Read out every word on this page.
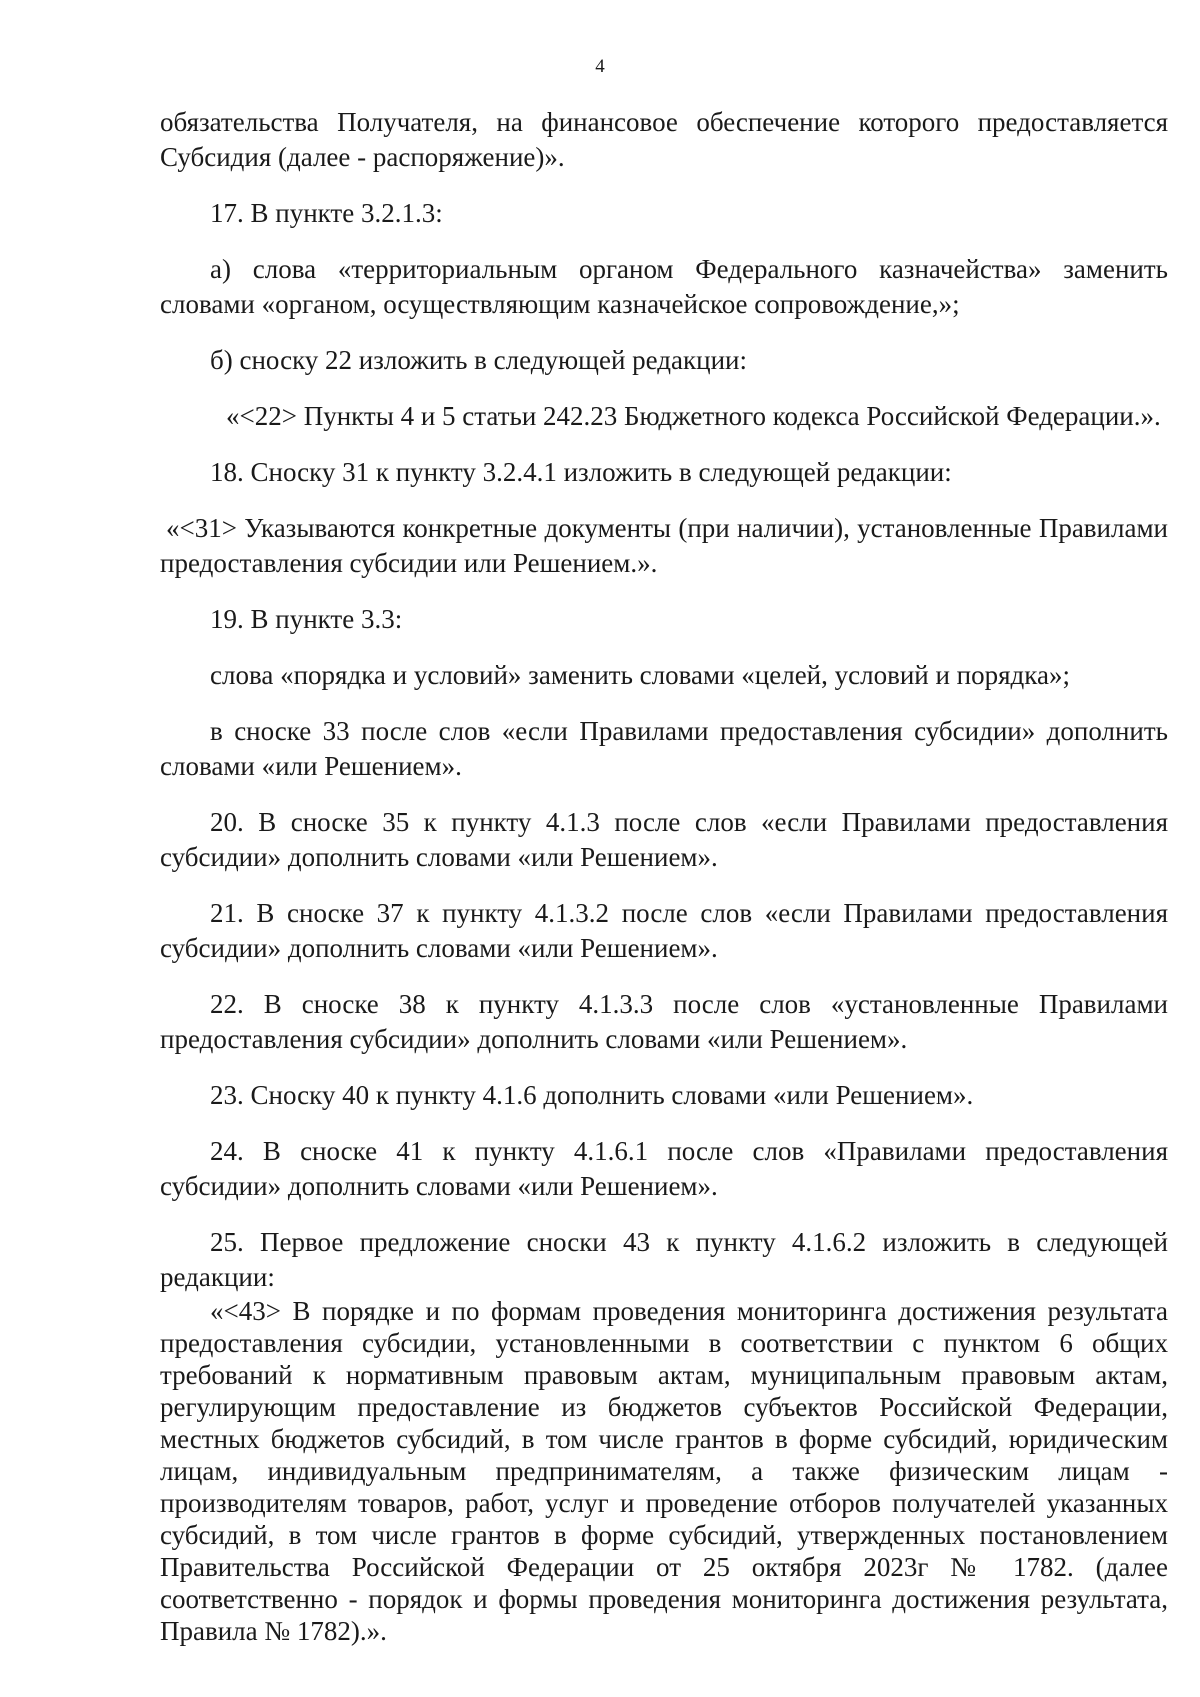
4

обязательства Получателя, на финансовое обеспечение которого предоставляется Субсидия (далее - распоряжение)».

17. В пункте 3.2.1.3:

а) слова «территориальным органом Федерального казначейства» заменить словами «органом, осуществляющим казначейское сопровождение,»;

б) сноску 22 изложить в следующей редакции:

«<22> Пункты 4 и 5 статьи 242.23 Бюджетного кодекса Российской Федерации.».

18. Сноску 31 к пункту 3.2.4.1 изложить в следующей редакции:

«<31> Указываются конкретные документы (при наличии), установленные Правилами предоставления субсидии или Решением.».

19. В пункте 3.3:

слова «порядка и условий» заменить словами «целей, условий и порядка»;

в сноске 33 после слов «если Правилами предоставления субсидии» дополнить словами «или Решением».

20. В сноске 35 к пункту 4.1.3 после слов «если Правилами предоставления субсидии» дополнить словами «или Решением».

21. В сноске 37 к пункту 4.1.3.2 после слов «если Правилами предоставления субсидии» дополнить словами «или Решением».

22. В сноске 38 к пункту 4.1.3.3 после слов «установленные Правилами предоставления субсидии» дополнить словами «или Решением».

23. Сноску 40 к пункту 4.1.6 дополнить словами «или Решением».

24. В сноске 41 к пункту 4.1.6.1 после слов «Правилами предоставления субсидии» дополнить словами «или Решением».

25. Первое предложение сноски 43 к пункту 4.1.6.2 изложить в следующей редакции:

«<43> В порядке и по формам проведения мониторинга достижения результата предоставления субсидии, установленными в соответствии с пунктом 6 общих требований к нормативным правовым актам, муниципальным правовым актам, регулирующим предоставление из бюджетов субъектов Российской Федерации, местных бюджетов субсидий, в том числе грантов в форме субсидий, юридическим лицам, индивидуальным предпринимателям, а также физическим лицам - производителям товаров, работ, услуг и проведение отборов получателей указанных субсидий, в том числе грантов в форме субсидий, утвержденных постановлением Правительства Российской Федерации от 25 октября 2023г № 1782. (далее соответственно - порядок и формы проведения мониторинга достижения результата, Правила № 1782).».
